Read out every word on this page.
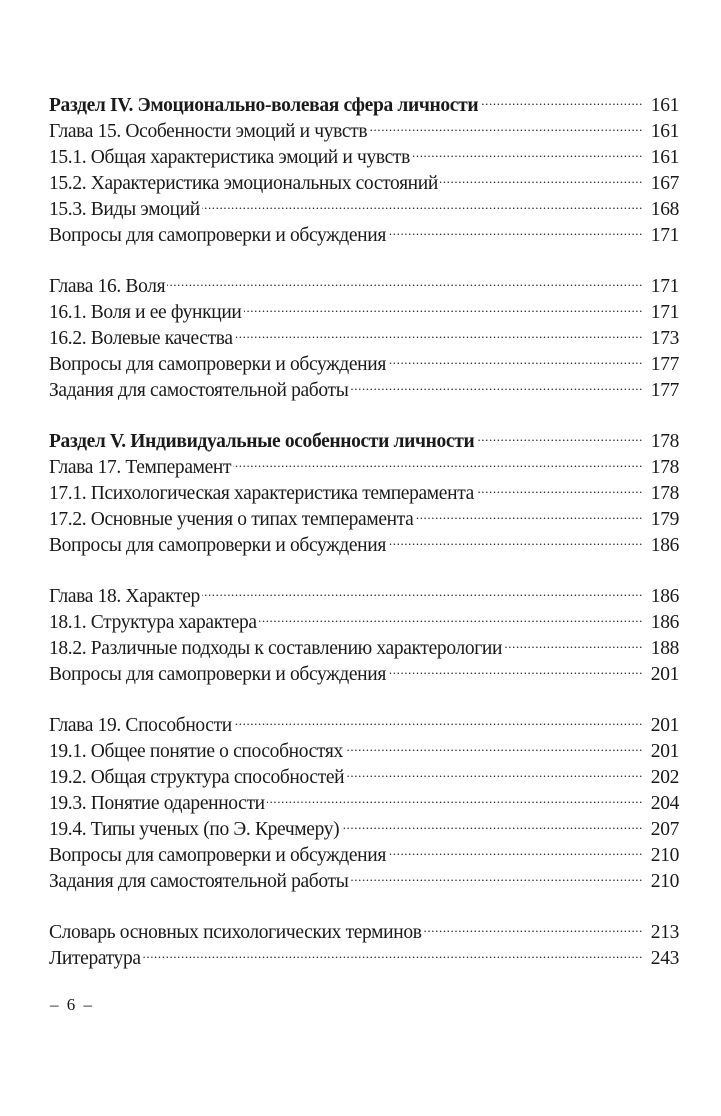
Раздел IV. Эмоционально-волевая сфера личности .....	161
Глава 15. Особенности эмоций и чувств .....	161
15.1. Общая характеристика эмоций и чувств .....	161
15.2. Характеристика эмоциональных состояний .....	167
15.3. Виды эмоций .....	168
Вопросы для самопроверки и обсуждения .....	171
Глава 16. Воля .....	171
16.1. Воля и ее функции .....	171
16.2. Волевые качества .....	173
Вопросы для самопроверки и обсуждения .....	177
Задания для самостоятельной работы .....	177
Раздел V. Индивидуальные особенности личности .....	178
Глава 17. Темперамент .....	178
17.1. Психологическая характеристика темперамента .....	178
17.2. Основные учения о типах темперамента .....	179
Вопросы для самопроверки и обсуждения .....	186
Глава 18. Характер .....	186
18.1. Структура характера .....	186
18.2. Различные подходы к составлению характерологии .....	188
Вопросы для самопроверки и обсуждения .....	201
Глава 19. Способности .....	201
19.1. Общее понятие о способностях .....	201
19.2. Общая структура способностей .....	202
19.3. Понятие одаренности .....	204
19.4. Типы ученых (по Э. Кречмеру) .....	207
Вопросы для самопроверки и обсуждения .....	210
Задания для самостоятельной работы .....	210
Словарь основных психологических терминов .....	213
Литература .....	243
– 6 –
